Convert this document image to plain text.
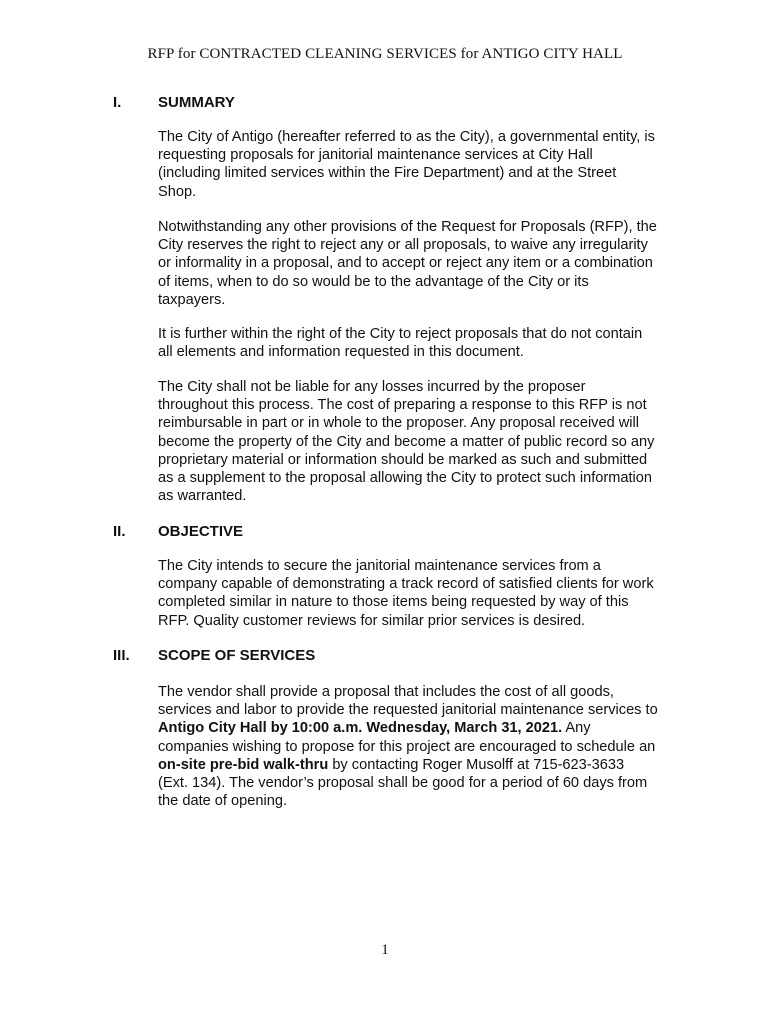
RFP for CONTRACTED CLEANING SERVICES for ANTIGO CITY HALL
I. SUMMARY

The City of Antigo (hereafter referred to as the City), a governmental entity, is requesting proposals for janitorial maintenance services at City Hall (including limited services within the Fire Department) and at the Street Shop.

Notwithstanding any other provisions of the Request for Proposals (RFP), the City reserves the right to reject any or all proposals, to waive any irregularity or informality in a proposal, and to accept or reject any item or a combination of items, when to do so would be to the advantage of the City or its taxpayers.

It is further within the right of the City to reject proposals that do not contain all elements and information requested in this document.

The City shall not be liable for any losses incurred by the proposer throughout this process. The cost of preparing a response to this RFP is not reimbursable in part or in whole to the proposer. Any proposal received will become the property of the City and become a matter of public record so any proprietary material or information should be marked as such and submitted as a supplement to the proposal allowing the City to protect such information as warranted.

II. OBJECTIVE

The City intends to secure the janitorial maintenance services from a company capable of demonstrating a track record of satisfied clients for work completed similar in nature to those items being requested by way of this RFP. Quality customer reviews for similar prior services is desired.

III. SCOPE OF SERVICES

The vendor shall provide a proposal that includes the cost of all goods, services and labor to provide the requested janitorial maintenance services to Antigo City Hall by 10:00 a.m. Wednesday, March 31, 2021. Any companies wishing to propose for this project are encouraged to schedule an on-site pre-bid walk-thru by contacting Roger Musolff at 715-623-3633 (Ext. 134). The vendor’s proposal shall be good for a period of 60 days from the date of opening.

1
